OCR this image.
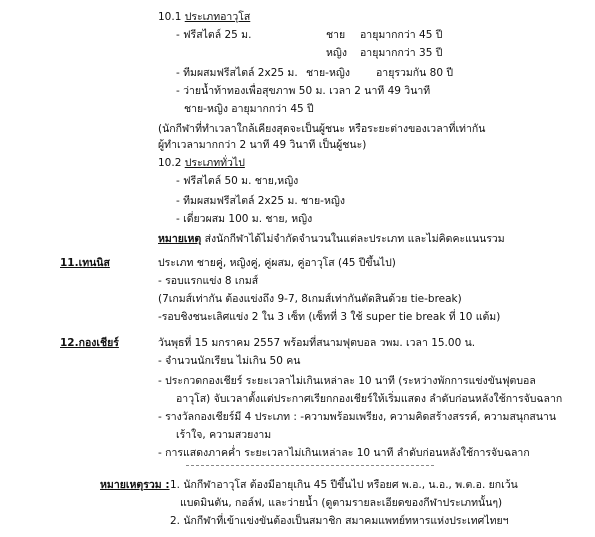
10.1 ประเภทอาวุโส
- ฟรีสไตล์ 25 ม.	ชาย อายุมากกว่า 45 ปี
หญิง อายุมากกว่า 35 ปี
- ทีมผสมฟรีสไตล์ 2x25 ม. ชาย-หญิง อายุรวมกัน 80 ปี
- ว่ายน้ำท้าทองเพื่อสุขภาพ 50 ม. เวลา 2 นาที 49 วินาที
ชาย-หญิง อายุมากกว่า 45 ปี
(นักกีฬาที่ทำเวลาใกล้เคียงสุดจะเป็นผู้ชนะ หรือระยะต่างของเวลาที่เท่ากัน
ผู้ทำเวลามากกว่า 2 นาที 49 วินาที เป็นผู้ชนะ)
10.2 ประเภททั่วไป
- ฟรีสไตล์ 50 ม. ชาย,หญิง
- ทีมผสมฟรีสไตล์ 2x25 ม. ชาย-หญิง
- เดี่ยวผสม 100 ม. ชาย, หญิง
หมายเหตุ ส่งนักกีฬาได้ไม่จำกัดจำนวนในแต่ละประเภท และไม่คิดคะแนนรวม
11.เทนนิส	ประเภท ชายคู่, หญิงคู่, คู่ผสม, คู่อาวุโส (45 ปีขึ้นไป)
- รอบแรกแข่ง 8 เกมส์
(7เกมส์เท่ากัน ต้องแข่งถึง 9-7, 8เกมส์เท่ากันตัดสินด้วย tie-break)
-รอบชิงชนะเลิศแข่ง 2 ใน 3 เซ็ท (เซ็ทที่ 3 ใช้ super tie break ที่ 10 แต้ม)
12.กองเชียร์	วันพุธที่ 15 มกราคม 2557 พร้อมที่สนามฟุตบอล วพม. เวลา 15.00 น.
- จำนวนนักเรียน ไม่เกิน 50 คน
- ประกวดกองเชียร์ ระยะเวลาไม่เกินเหล่าละ 10 นาที (ระหว่างพักการแข่งขันฟุตบอล
อาวุโส) จับเวลาตั้งแต่ประกาศเรียกกองเชียร์ให้เริ่มแสดง ลำดับก่อนหลังใช้การจับฉลาก
- รางวัลกองเชียร์มี 4 ประเภท : -ความพร้อมเพรียง, ความคิดสร้างสรรค์, ความสนุกสนาน
เร้าใจ, ความสวยงาม
- การแสดงภาคค่ำ ระยะเวลาไม่เกินเหล่าละ 10 นาที ลำดับก่อนหลังใช้การจับฉลาก
หมายเหตุรวม : 1. นักกีฬาอาวุโส ต้องมีอายุเกิน 45 ปีขึ้นไป หรือยศ พ.อ., น.อ., พ.ต.อ. ยกเว้น
แบดมินตัน, กอล์ฟ, และว่ายน้ำ (ดูตามรายละเอียดของกีฬาประเภทนั้นๆ)
2. นักกีฬาที่เข้าแข่งขันต้องเป็นสมาชิก สมาคมแพทย์ทหารแห่งประเทศไทยฯ
